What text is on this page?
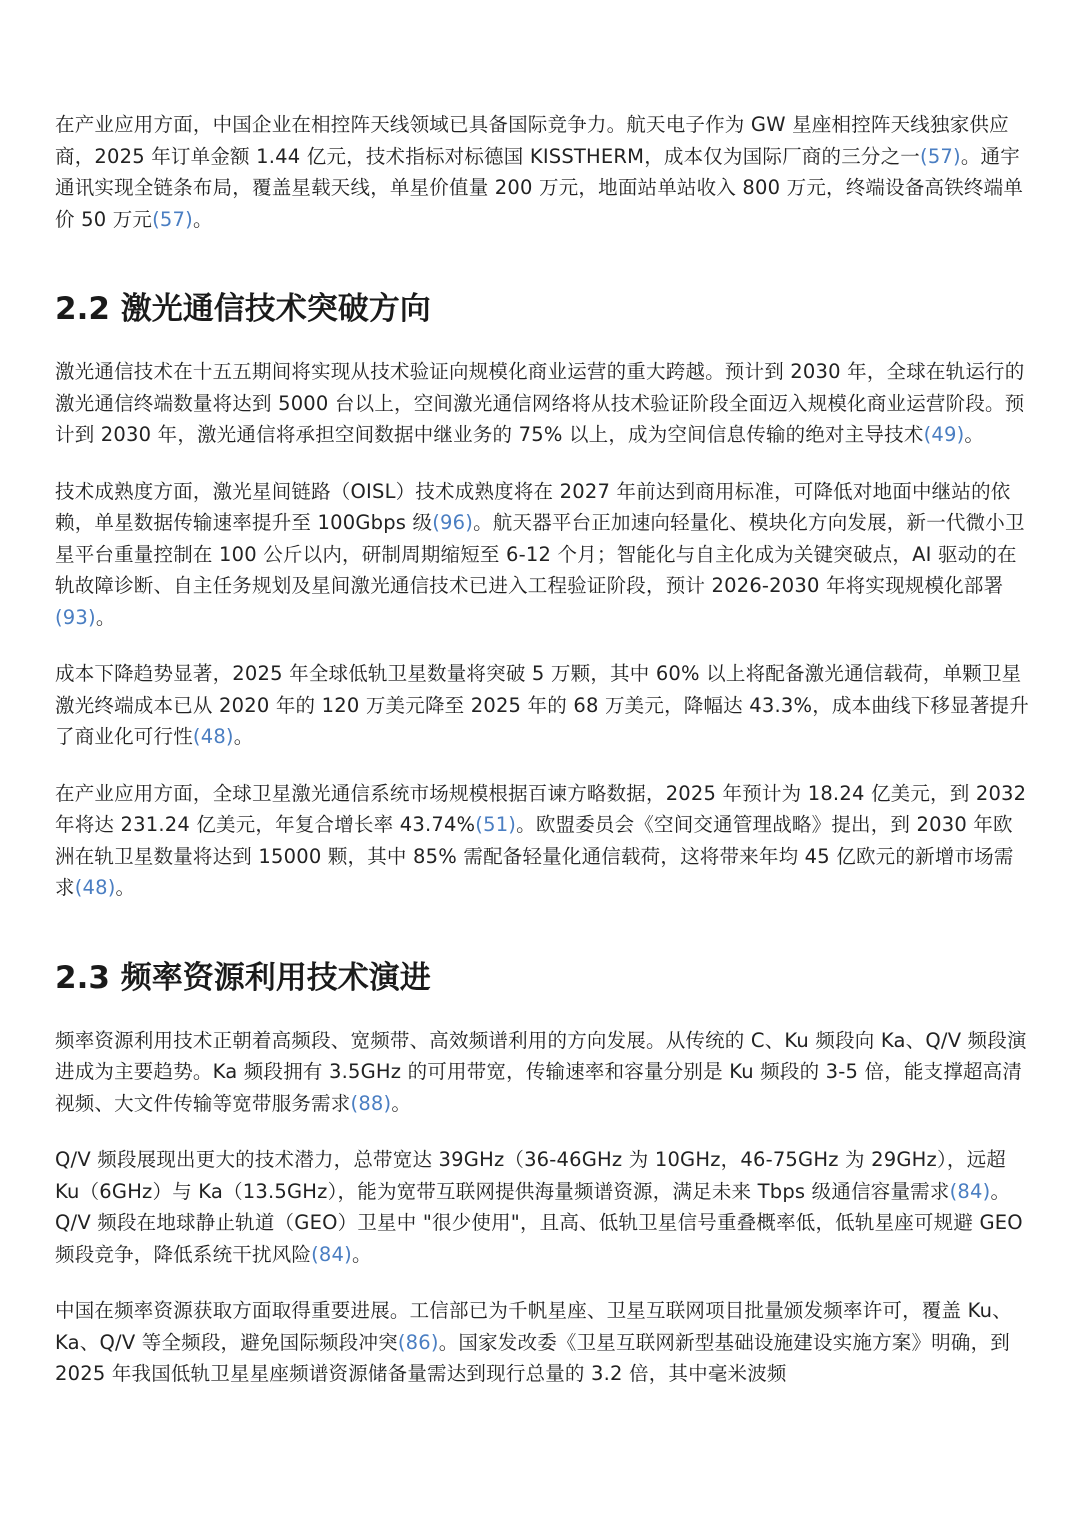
在产业应用方面，中国企业在相控阵天线领域已具备国际竞争力。航天电子作为 GW 星座相控阵天线独家供应商，2025 年订单金额 1.44 亿元，技术指标对标德国 KISSTHERM，成本仅为国际厂商的三分之一(57)。通宇通讯实现全链条布局，覆盖星载天线，单星价值量 200 万元，地面站单站收入 800 万元，终端设备高铁终端单价 50 万元(57)。

2.2 激光通信技术突破方向

激光通信技术在十五五期间将实现从技术验证向规模化商业运营的重大跨越。预计到 2030 年，全球在轨运行的激光通信终端数量将达到 5000 台以上，空间激光通信网络将从技术验证阶段全面迈入规模化商业运营阶段。预计到 2030 年，激光通信将承担空间数据中继业务的 75% 以上，成为空间信息传输的绝对主导技术(49)。

技术成熟度方面，激光星间链路（OISL）技术成熟度将在 2027 年前达到商用标准，可降低对地面中继站的依赖，单星数据传输速率提升至 100Gbps 级(96)。航天器平台正加速向轻量化、模块化方向发展，新一代微小卫星平台重量控制在 100 公斤以内，研制周期缩短至 6-12 个月；智能化与自主化成为关键突破点，AI 驱动的在轨故障诊断、自主任务规划及星间激光通信技术已进入工程验证阶段，预计 2026-2030 年将实现规模化部署(93)。

成本下降趋势显著，2025 年全球低轨卫星数量将突破 5 万颗，其中 60% 以上将配备激光通信载荷，单颗卫星激光终端成本已从 2020 年的 120 万美元降至 2025 年的 68 万美元，降幅达 43.3%，成本曲线下移显著提升了商业化可行性(48)。

在产业应用方面，全球卫星激光通信系统市场规模根据百谏方略数据，2025 年预计为 18.24 亿美元，到 2032 年将达 231.24 亿美元，年复合增长率 43.74%(51)。欧盟委员会《空间交通管理战略》提出，到 2030 年欧洲在轨卫星数量将达到 15000 颗，其中 85% 需配备轻量化通信载荷，这将带来年均 45 亿欧元的新增市场需求(48)。

2.3 频率资源利用技术演进

频率资源利用技术正朝着高频段、宽频带、高效频谱利用的方向发展。从传统的 C、Ku 频段向 Ka、Q/V 频段演进成为主要趋势。Ka 频段拥有 3.5GHz 的可用带宽，传输速率和容量分别是 Ku 频段的 3-5 倍，能支撑超高清视频、大文件传输等宽带服务需求(88)。

Q/V 频段展现出更大的技术潜力，总带宽达 39GHz（36-46GHz 为 10GHz，46-75GHz 为 29GHz），远超 Ku（6GHz）与 Ka（13.5GHz），能为宽带互联网提供海量频谱资源，满足未来 Tbps 级通信容量需求(84)。Q/V 频段在地球静止轨道（GEO）卫星中 "很少使用"，且高、低轨卫星信号重叠概率低，低轨星座可规避 GEO 频段竞争，降低系统干扰风险(84)。

中国在频率资源获取方面取得重要进展。工信部已为千帆星座、卫星互联网项目批量颁发频率许可，覆盖 Ku、Ka、Q/V 等全频段，避免国际频段冲突(86)。国家发改委《卫星互联网新型基础设施建设实施方案》明确，到 2025 年我国低轨卫星星座频谱资源储备量需达到现行总量的 3.2 倍，其中毫米波频
